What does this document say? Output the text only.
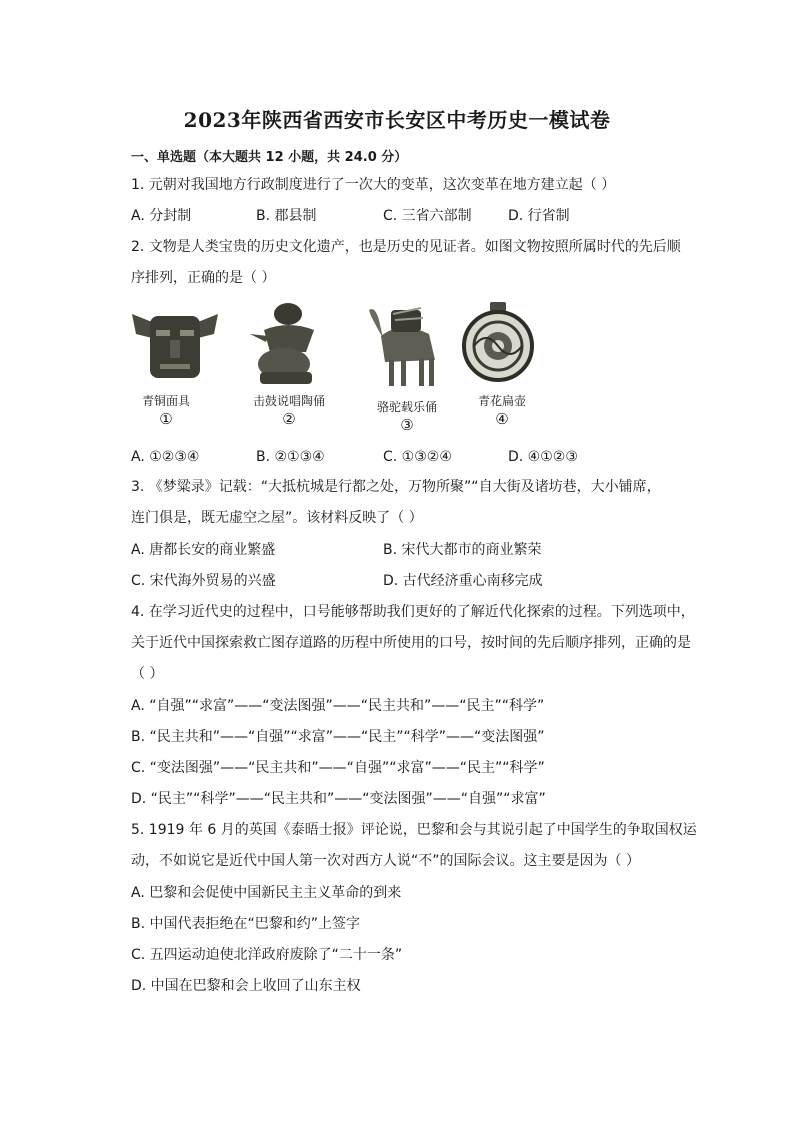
2023年陕西省西安市长安区中考历史一模试卷
一、单选题（本大题共 12 小题，共 24.0 分）
1. 元朝对我国地方行政制度进行了一次大的变革，这次变革在地方建立起（ ）
A. 分封制	B. 郡县制	C. 三省六部制	D. 行省制
2. 文物是人类宝贵的历史文化遗产，也是历史的见证者。如图文物按照所属时代的先后顺
序排列，正确的是（ ）
青铜面具
①
击鼓说唱陶俑
②
骆驼载乐俑
③
青花扁壶
④
A. ①②③④	B. ②①③④	C. ①③②④	D. ④①②③
3. 《梦粱录》记载：“大抵杭城是行都之处，万物所聚”“自大街及诸坊巷，大小铺席，
连门俱是，既无虚空之屋”。该材料反映了（ ）
A. 唐都长安的商业繁盛	B. 宋代大都市的商业繁荣
C. 宋代海外贸易的兴盛	D. 古代经济重心南移完成
4. 在学习近代史的过程中，口号能够帮助我们更好的了解近代化探索的过程。下列选项中，
关于近代中国探索救亡图存道路的历程中所使用的口号，按时间的先后顺序排列，正确的是
（ ）
A. “自强”“求富”——“变法图强”——“民主共和”——“民主”“科学”
B. “民主共和”——“自强”“求富”——“民主”“科学”——“变法图强”
C. “变法图强”——“民主共和”——“自强”“求富”——“民主”“科学”
D. “民主”“科学”——“民主共和”——“变法图强”——“自强”“求富”
5. 1919 年 6 月的英国《泰晤士报》评论说，巴黎和会与其说引起了中国学生的争取国权运
动，不如说它是近代中国人第一次对西方人说“不”的国际会议。这主要是因为（ ）
A. 巴黎和会促使中国新民主主义革命的到来
B. 中国代表拒绝在“巴黎和约”上签字
C. 五四运动迫使北洋政府废除了“二十一条”
D. 中国在巴黎和会上收回了山东主权
